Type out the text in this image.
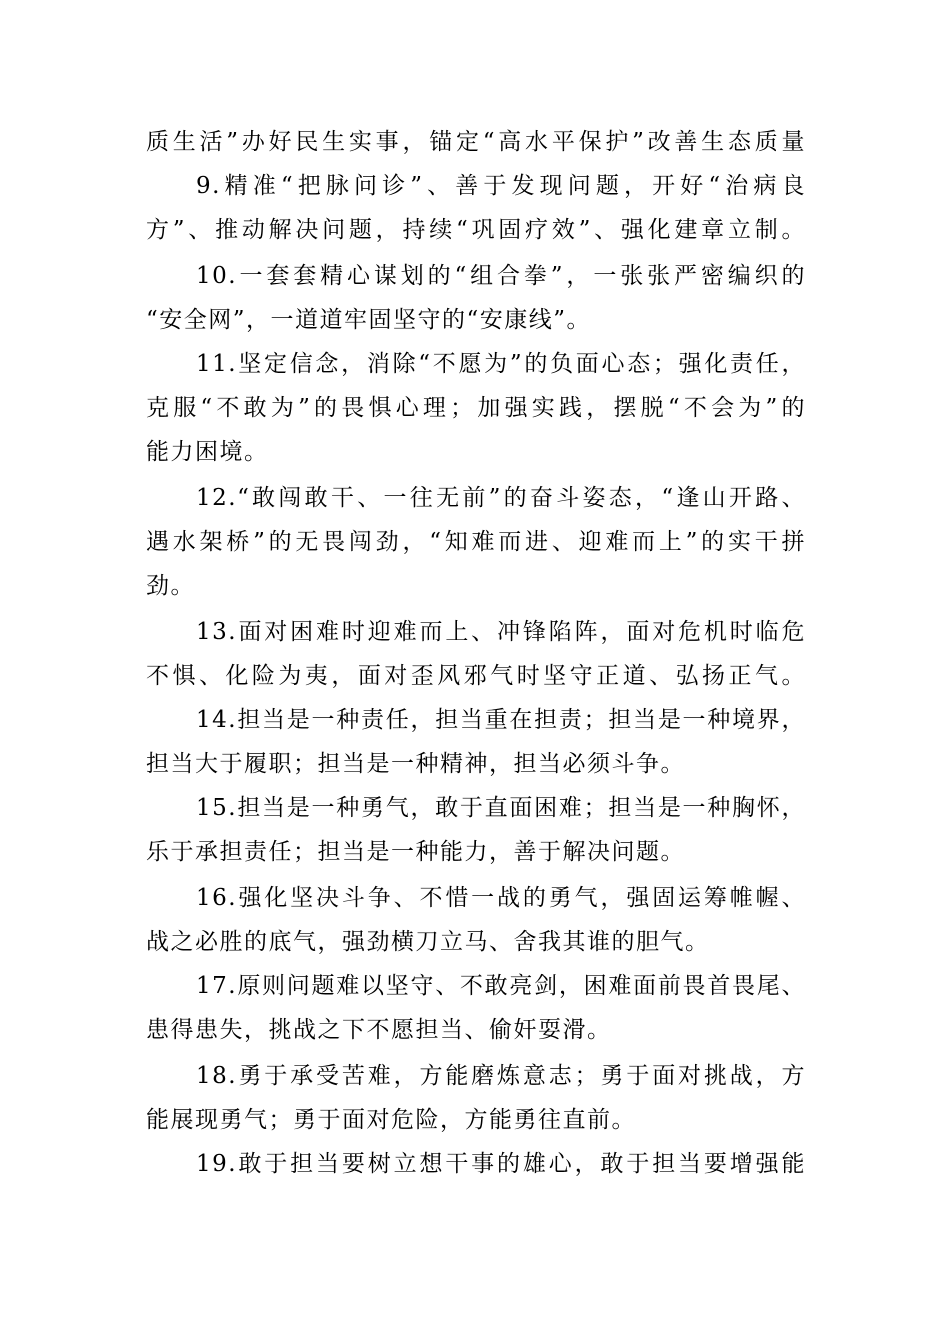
质生活”办好民生实事，锚定“高水平保护”改善生态质量
9.精准“把脉问诊”、善于发现问题，开好“治病良
方”、推动解决问题，持续“巩固疗效”、强化建章立制。
10.一套套精心谋划的“组合拳”，一张张严密编织的
“安全网”，一道道牢固坚守的“安康线”。
11.坚定信念，消除“不愿为”的负面心态；强化责任，
克服“不敢为”的畏惧心理；加强实践，摆脱“不会为”的
能力困境。
12.“敢闯敢干、一往无前”的奋斗姿态，“逢山开路、
遇水架桥”的无畏闯劲，“知难而进、迎难而上”的实干拼
劲。
13.面对困难时迎难而上、冲锋陷阵，面对危机时临危
不惧、化险为夷，面对歪风邪气时坚守正道、弘扬正气。
14.担当是一种责任，担当重在担责；担当是一种境界，
担当大于履职；担当是一种精神，担当必须斗争。
15.担当是一种勇气，敢于直面困难；担当是一种胸怀，
乐于承担责任；担当是一种能力，善于解决问题。
16.强化坚决斗争、不惜一战的勇气，强固运筹帷幄、
战之必胜的底气，强劲横刀立马、舍我其谁的胆气。
17.原则问题难以坚守、不敢亮剑，困难面前畏首畏尾、
患得患失，挑战之下不愿担当、偷奸耍滑。
18.勇于承受苦难，方能磨炼意志；勇于面对挑战，方
能展现勇气；勇于面对危险，方能勇往直前。
19.敢于担当要树立想干事的雄心，敢于担当要增强能
